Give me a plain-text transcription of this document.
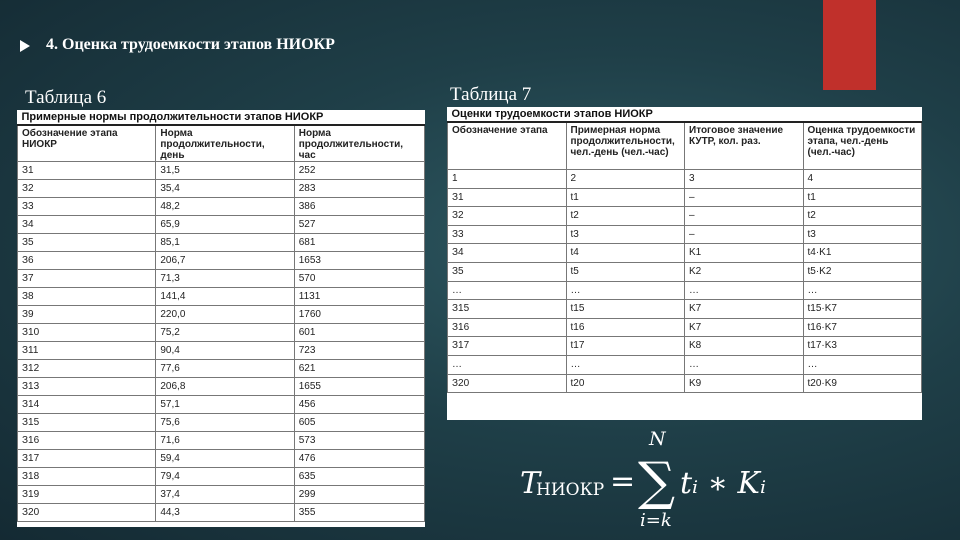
4. Оценка трудоемкости этапов НИОКР
Таблица 6	Таблица 7
Примерные нормы продолжительности этапов НИОКР		
Обозначение этапа НИОКР	Норма продолжительности, день	Норма продолжительности, час
З1	31,5	252
З2	35,4	283
З3	48,2	386
З4	65,9	527
З5	85,1	681
З6	206,7	1653
З7	71,3	570
З8	141,4	1131
З9	220,0	1760
З10	75,2	601
З11	90,4	723
З12	77,6	621
З13	206,8	1655
З14	57,1	456
З15	75,6	605
З16	71,6	573
З17	59,4	476
З18	79,4	635
З19	37,4	299
З20	44,3	355
Оценки трудоемкости этапов НИОКР			
Обозначение этапа	Примерная норма продолжительности, чел.-день (чел.-час)	Итоговое значение КУТР, кол. раз.	Оценка трудоемкости этапа, чел.-день (чел.-час)
1	2	3	4
З1	t1	–	t1
З2	t2	–	t2
З3	t3	–	t3
З4	t4	K1	t4·K1
З5	t5	K2	t5·K2
…	…	…	…
З15	t15	K7	t15·K7
З16	t16	K7	t16·K7
З17	t17	K8	t17·K3
…	…	…	…
З20	t20	K9	t20·K9
T
НИОКР =
N
∑
i=k
tᵢ ∗ Kᵢ
